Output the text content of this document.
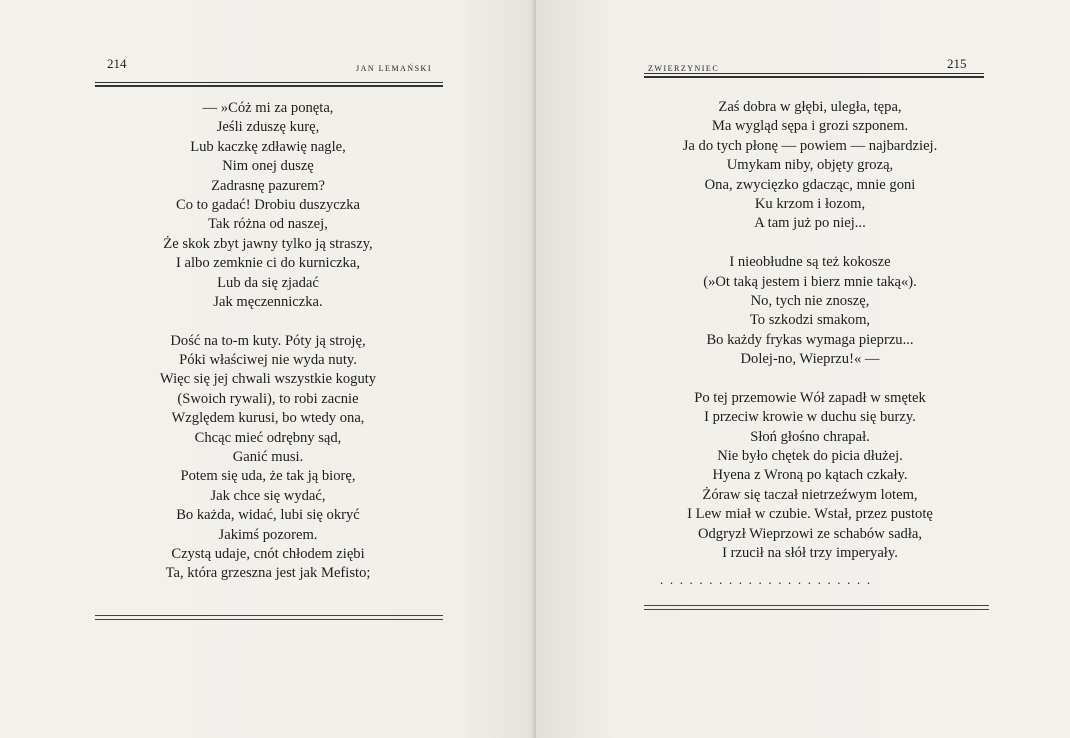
214	JAN LEMAŃSKI
— »Cóż mi za ponęta,
Jeśli zduszę kurę,
Lub kaczkę zdławię nagle,
Nim onej duszę
Zadrasnę pazurem?
Co to gadać! Drobiu duszyczka
Tak różna od naszej,
Że skok zbyt jawny tylko ją straszy,
I albo zemknie ci do kurniczka,
Lub da się zjadać
Jak męczenniczka.
Dość na to-m kuty. Póty ją stroję,
Póki właściwej nie wyda nuty.
Więc się jej chwali wszystkie koguty
(Swoich rywali), to robi zacnie
Względem kurusi, bo wtedy ona,
Chcąc mieć odrębny sąd,
Ganić musi.
Potem się uda, że tak ją biorę,
Jak chce się wydać,
Bo każda, widać, lubi się okryć
Jakimś pozorem.
Czystą udaje, cnót chłodem ziębi
Ta, która grzeszna jest jak Mefisto;
ZWIERZYNIEC	215
Zaś dobra w głębi, uległa, tępa,
Ma wygląd sępa i grozi szponem.
Ja do tych płonę — powiem — najbardziej.
Umykam niby, objęty grozą,
Ona, zwycięzko gdacząc, mnie goni
Ku krzom i łozom,
A tam już po niej...
I nieobłudne są też kokosze
(»Ot taką jestem i bierz mnie taką«).
No, tych nie znoszę,
To szkodzi smakom,
Bo każdy frykas wymaga pieprzu...
Dolej-no, Wieprzu!« —
Po tej przemowie Wół zapadł w smętek
I przeciw krowie w duchu się burzy.
Słoń głośno chrapał.
Nie było chętek do picia dłużej.
Hyena z Wroną po kątach czkały.
Żóraw się taczał nietrzeźwym lotem,
I Lew miał w czubie. Wstał, przez pustotę
Odgryzł Wieprzowi ze schabów sadła,
I rzucił na słół trzy imperyały.
......................
